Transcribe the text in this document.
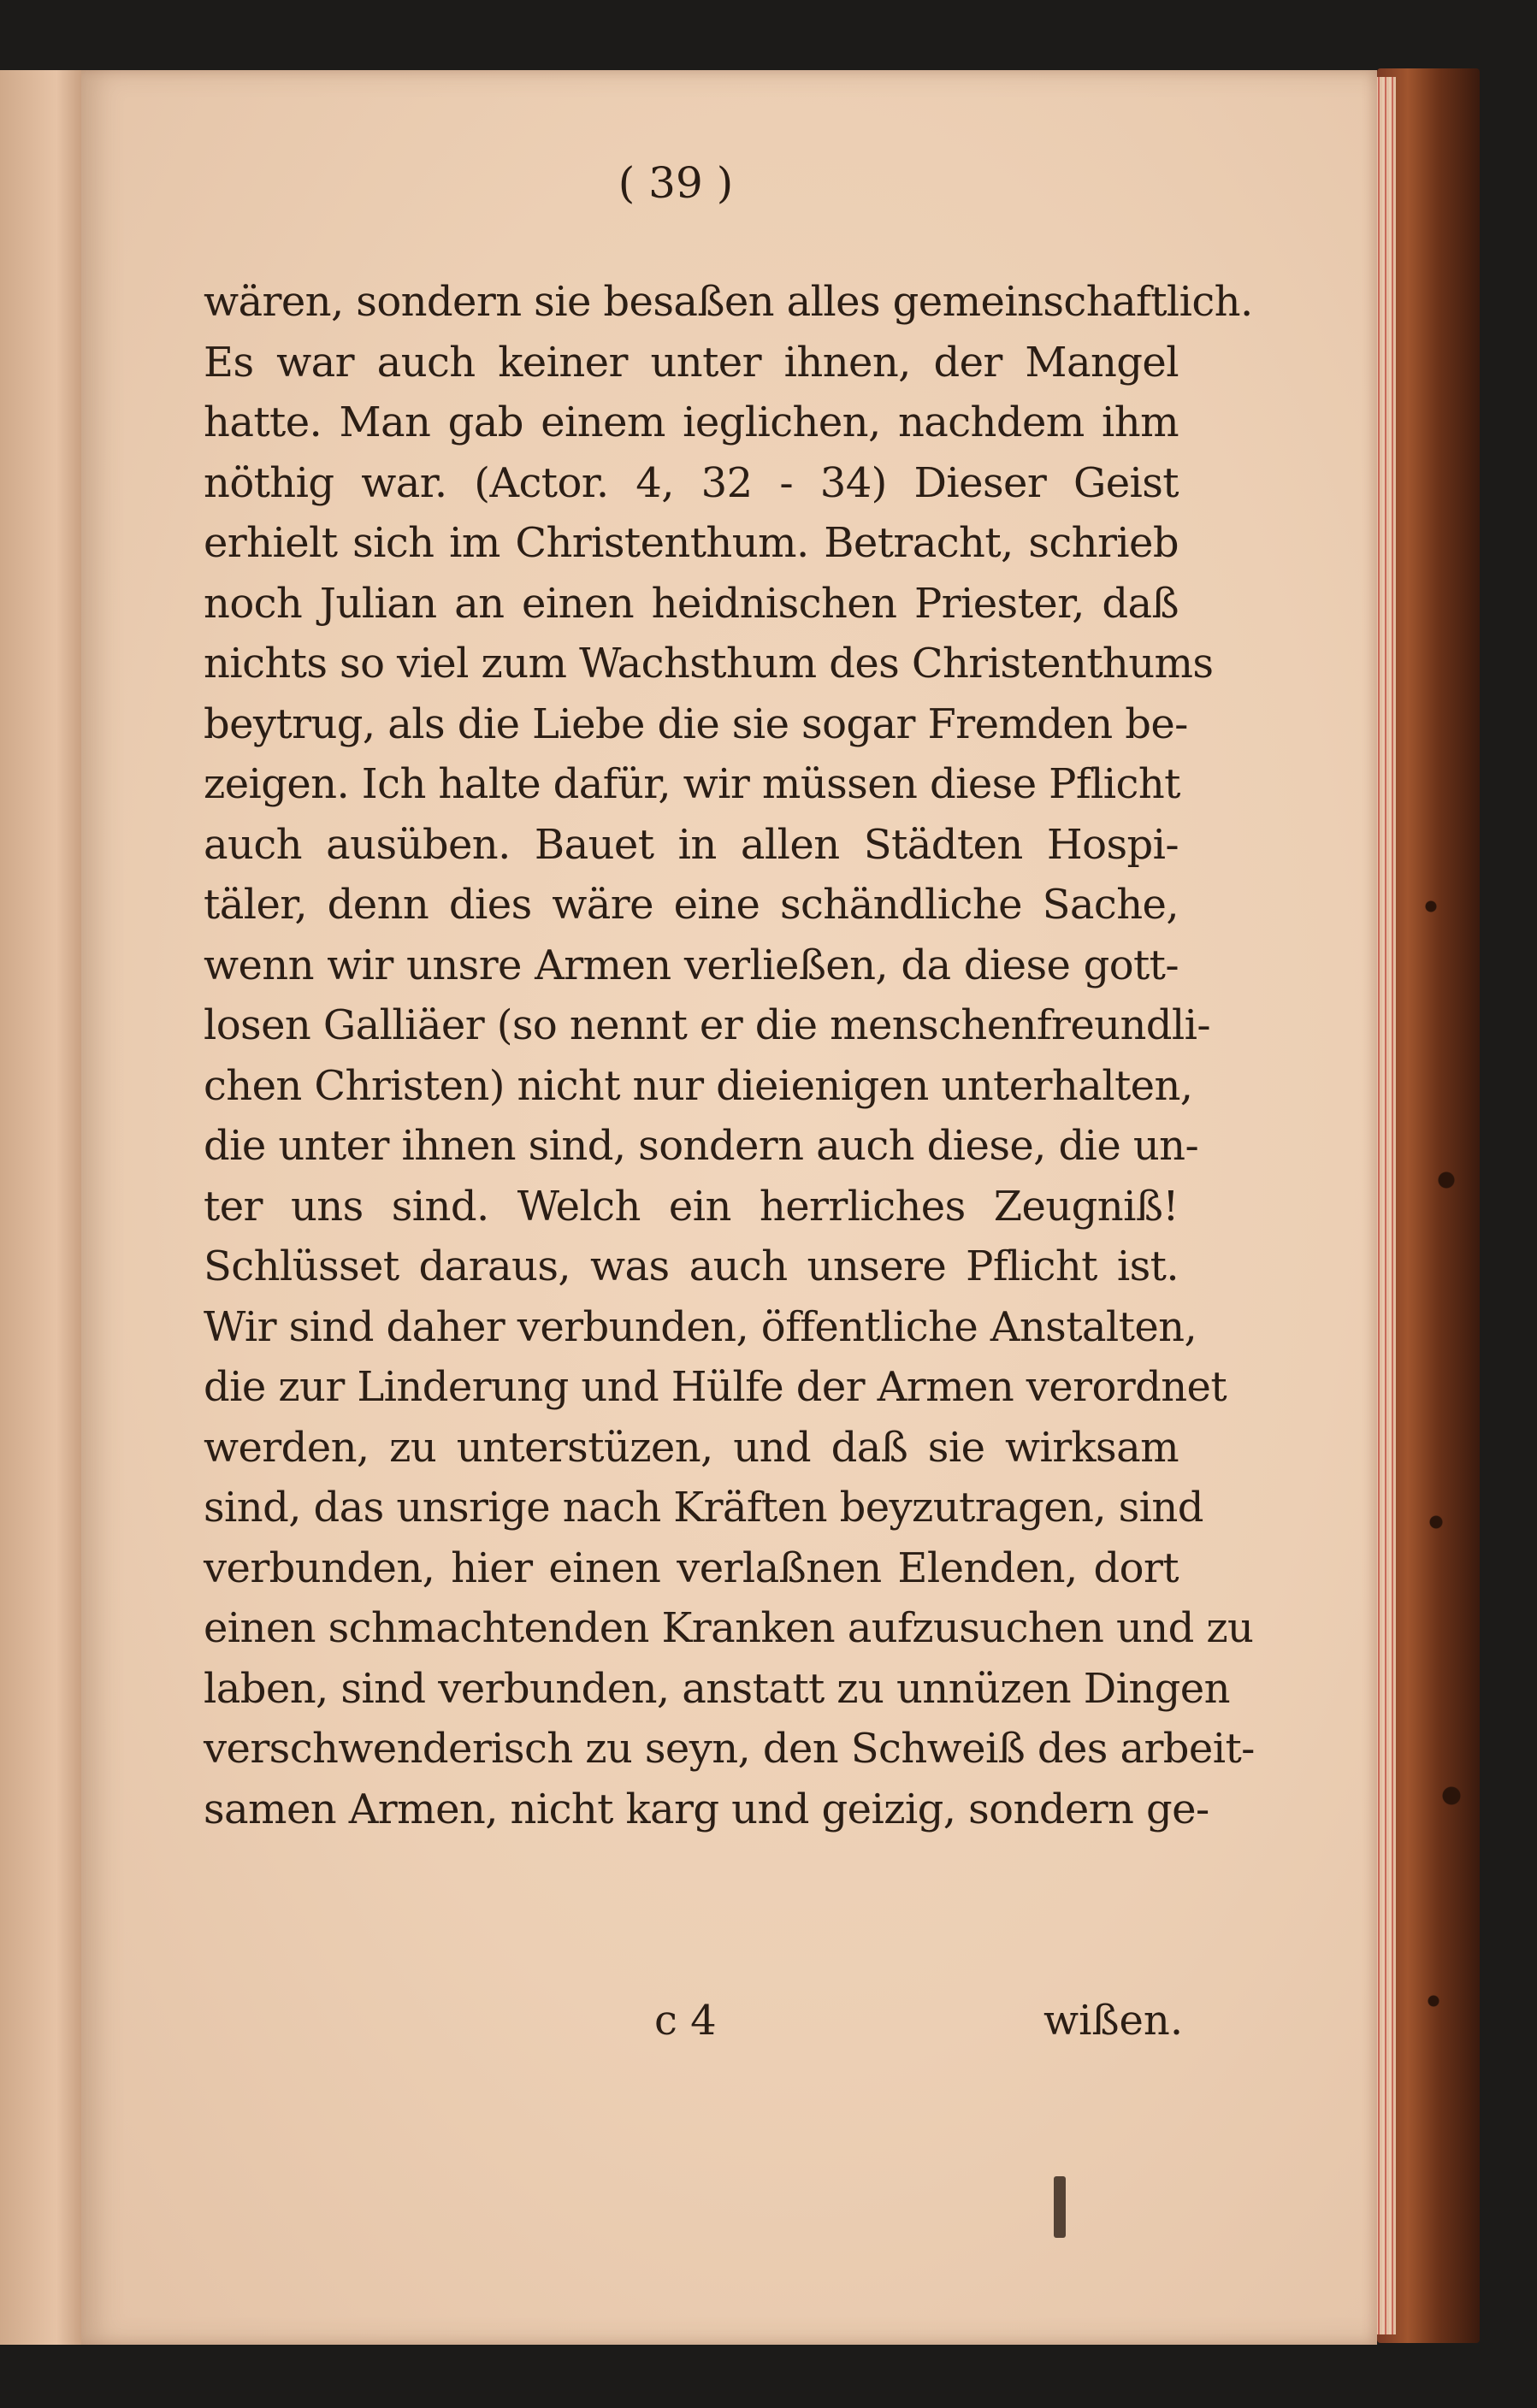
( 39 )
wären, sondern sie besaßen alles gemeinschaftlich.
Es war auch keiner unter ihnen, der Mangel
hatte. Man gab einem ieglichen, nachdem ihm
nöthig war. (Actor. 4, 32 - 34) Dieser Geist
erhielt sich im Christenthum. Betracht, schrieb
noch Julian an einen heidnischen Priester, daß
nichts so viel zum Wachsthum des Christenthums
beytrug, als die Liebe die sie sogar Fremden be-
zeigen. Ich halte dafür, wir müssen diese Pflicht
auch ausüben. Bauet in allen Städten Hospi-
täler, denn dies wäre eine schändliche Sache,
wenn wir unsre Armen verließen, da diese gott-
losen Galliäer (so nennt er die menschenfreundli-
chen Christen) nicht nur dieienigen unterhalten,
die unter ihnen sind, sondern auch diese, die un-
ter uns sind. Welch ein herrliches Zeugniß!
Schlüsset daraus, was auch unsere Pflicht ist.
Wir sind daher verbunden, öffentliche Anstalten,
die zur Linderung und Hülfe der Armen verordnet
werden, zu unterstüzen, und daß sie wirksam
sind, das unsrige nach Kräften beyzutragen, sind
verbunden, hier einen verlaßnen Elenden, dort
einen schmachtenden Kranken aufzusuchen und zu
laben, sind verbunden, anstatt zu unnüzen Dingen
verschwenderisch zu seyn, den Schweiß des arbeit-
samen Armen, nicht karg und geizig, sondern ge-
c 4	wißen.
